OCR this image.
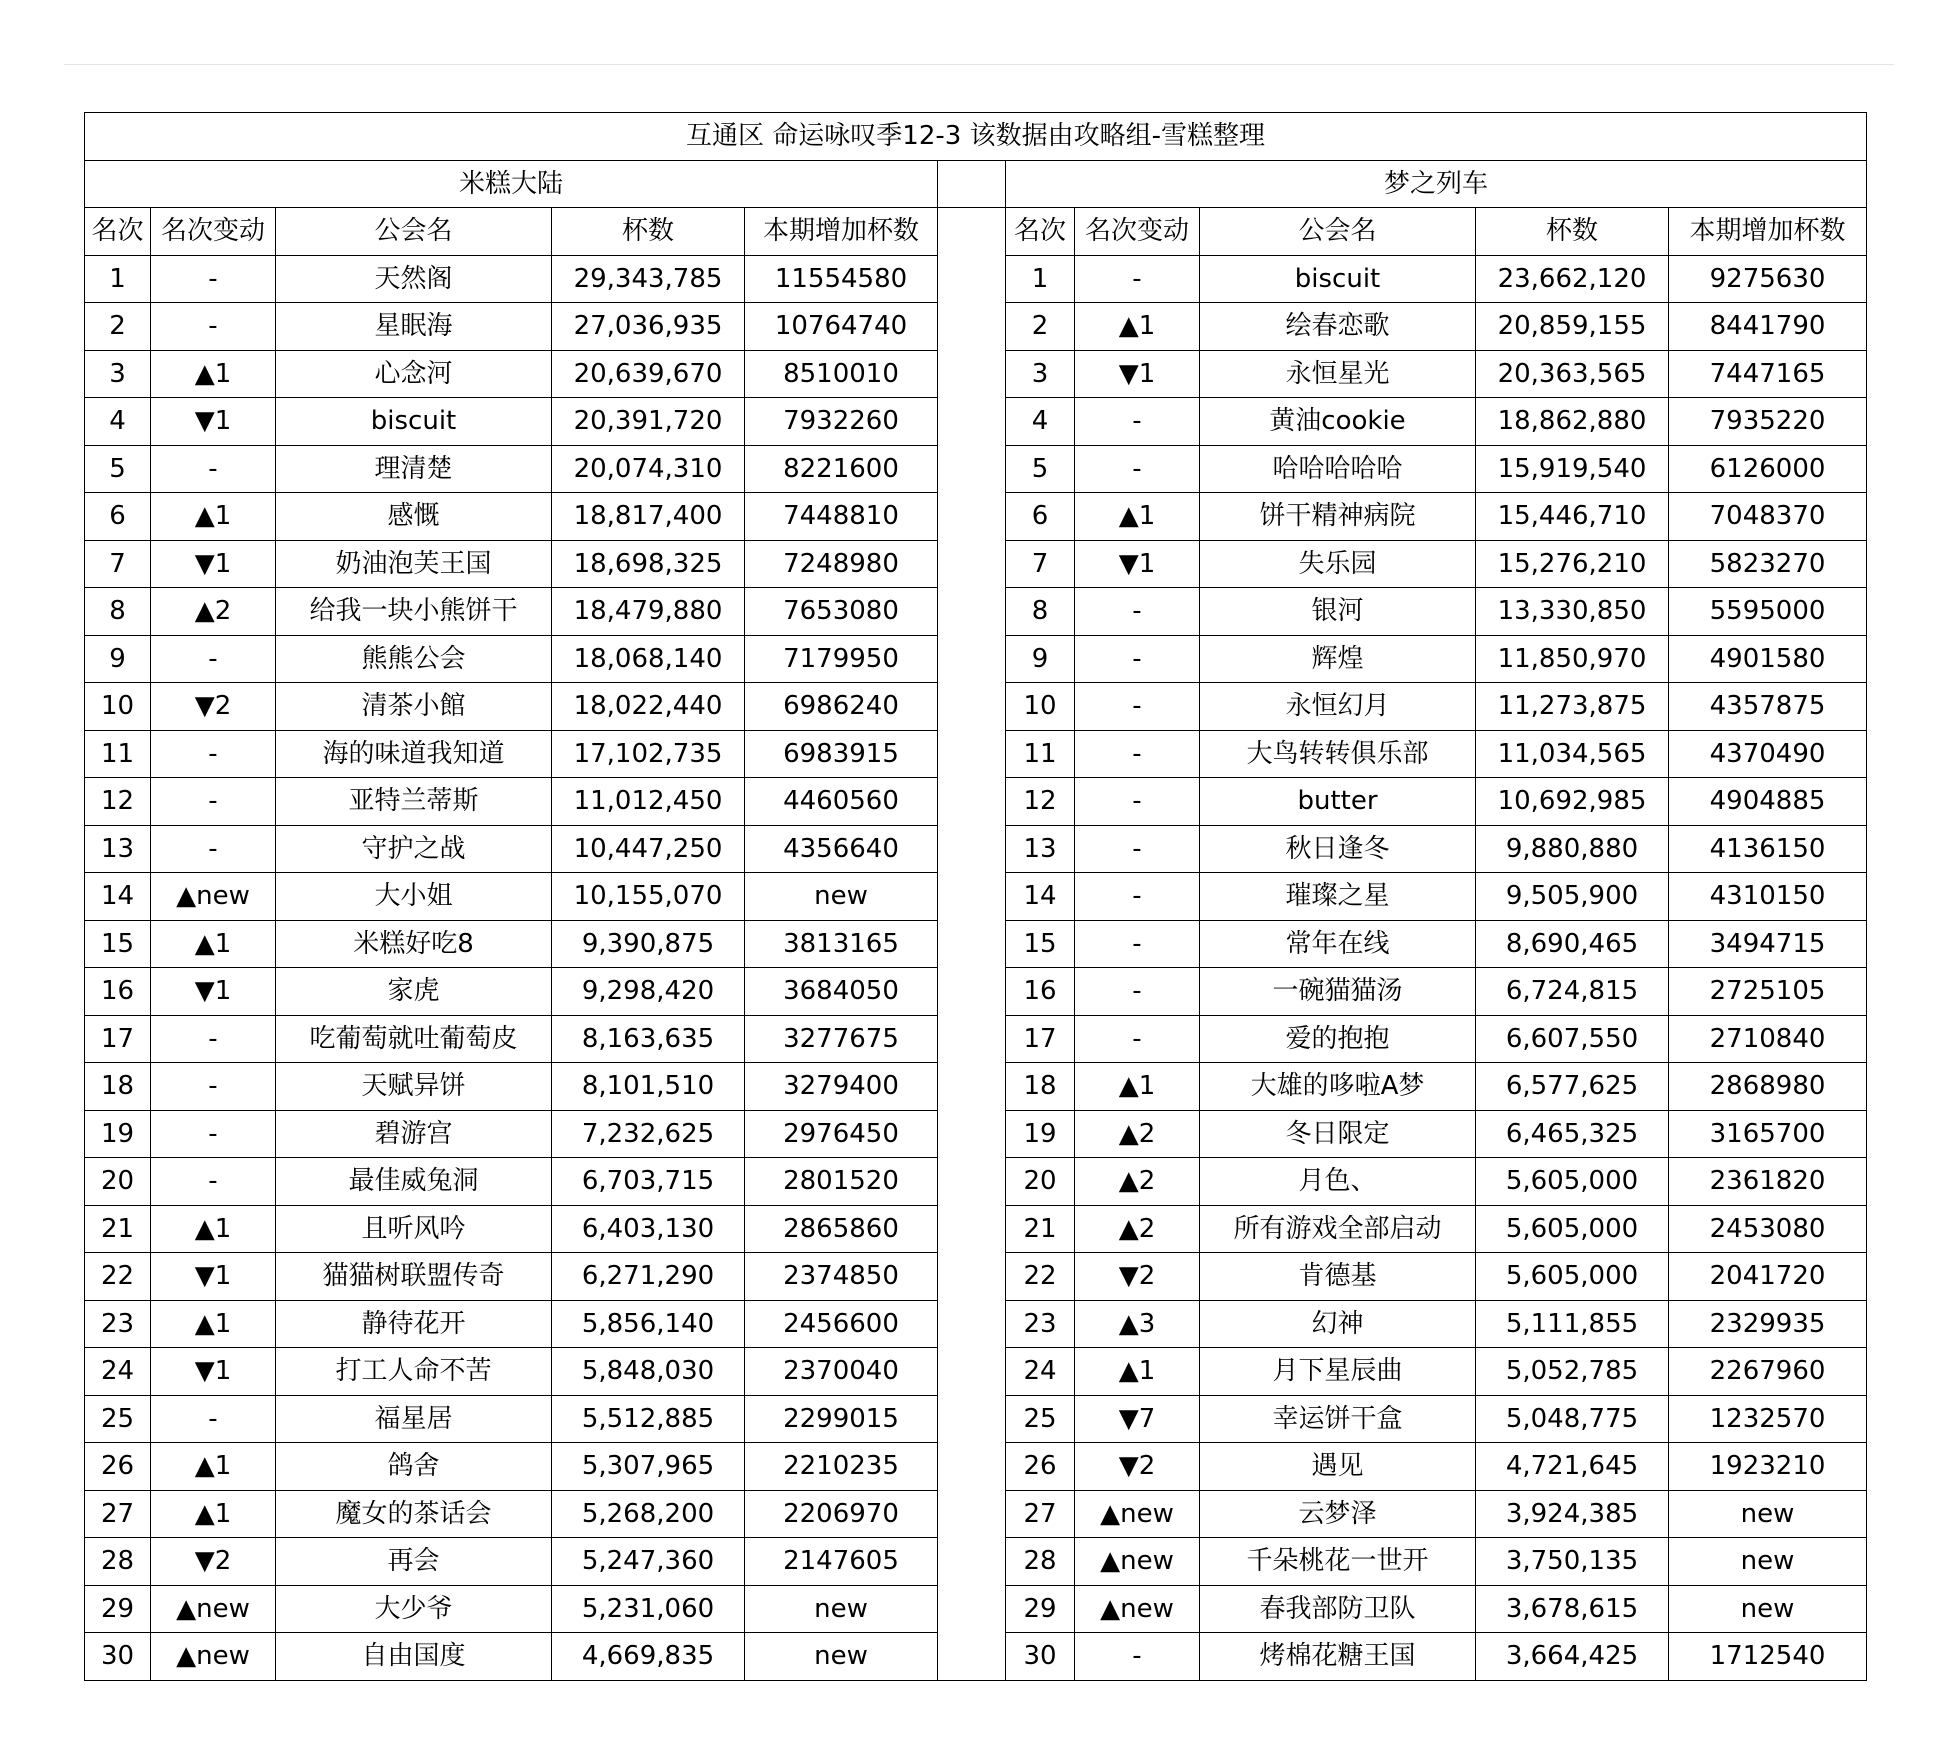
互通区 命运咏叹季12-3 该数据由攻略组-雪糕整理										
米糕大陆						梦之列车				
名次	名次变动	公会名	杯数	本期增加杯数		名次	名次变动	公会名	杯数	本期增加杯数
1	-	天然阁	29,343,785	11554580		1	-	biscuit	23,662,120	9275630
2	-	星眠海	27,036,935	10764740		2	▲1	绘春恋歌	20,859,155	8441790
3	▲1	心念河	20,639,670	8510010		3	▼1	永恒星光	20,363,565	7447165
4	▼1	biscuit	20,391,720	7932260		4	-	黄油cookie	18,862,880	7935220
5	-	理清楚	20,074,310	8221600		5	-	哈哈哈哈哈	15,919,540	6126000
6	▲1	感慨	18,817,400	7448810		6	▲1	饼干精神病院	15,446,710	7048370
7	▼1	奶油泡芙王国	18,698,325	7248980		7	▼1	失乐园	15,276,210	5823270
8	▲2	给我一块小熊饼干	18,479,880	7653080		8	-	银河	13,330,850	5595000
9	-	熊熊公会	18,068,140	7179950		9	-	辉煌	11,850,970	4901580
10	▼2	清茶小館	18,022,440	6986240		10	-	永恒幻月	11,273,875	4357875
11	-	海的味道我知道	17,102,735	6983915		11	-	大鸟转转俱乐部	11,034,565	4370490
12	-	亚特兰蒂斯	11,012,450	4460560		12	-	butter	10,692,985	4904885
13	-	守护之战	10,447,250	4356640		13	-	秋日逢冬	9,880,880	4136150
14	▲new	大小姐	10,155,070	new		14	-	璀璨之星	9,505,900	4310150
15	▲1	米糕好吃8	9,390,875	3813165		15	-	常年在线	8,690,465	3494715
16	▼1	家虎	9,298,420	3684050		16	-	一碗猫猫汤	6,724,815	2725105
17	-	吃葡萄就吐葡萄皮	8,163,635	3277675		17	-	爱的抱抱	6,607,550	2710840
18	-	天赋异饼	8,101,510	3279400		18	▲1	大雄的哆啦A梦	6,577,625	2868980
19	-	碧游宫	7,232,625	2976450		19	▲2	冬日限定	6,465,325	3165700
20	-	最佳威兔洞	6,703,715	2801520		20	▲2	月色、	5,605,000	2361820
21	▲1	且听风吟	6,403,130	2865860		21	▲2	所有游戏全部启动	5,605,000	2453080
22	▼1	猫猫树联盟传奇	6,271,290	2374850		22	▼2	肯德基	5,605,000	2041720
23	▲1	静待花开	5,856,140	2456600		23	▲3	幻神	5,111,855	2329935
24	▼1	打工人命不苦	5,848,030	2370040		24	▲1	月下星辰曲	5,052,785	2267960
25	-	福星居	5,512,885	2299015		25	▼7	幸运饼干盒	5,048,775	1232570
26	▲1	鸽舍	5,307,965	2210235		26	▼2	遇见	4,721,645	1923210
27	▲1	魔女的茶话会	5,268,200	2206970		27	▲new	云梦泽	3,924,385	new
28	▼2	再会	5,247,360	2147605		28	▲new	千朵桃花一世开	3,750,135	new
29	▲new	大少爷	5,231,060	new		29	▲new	春我部防卫队	3,678,615	new
30	▲new	自由国度	4,669,835	new		30	-	烤棉花糖王国	3,664,425	1712540
